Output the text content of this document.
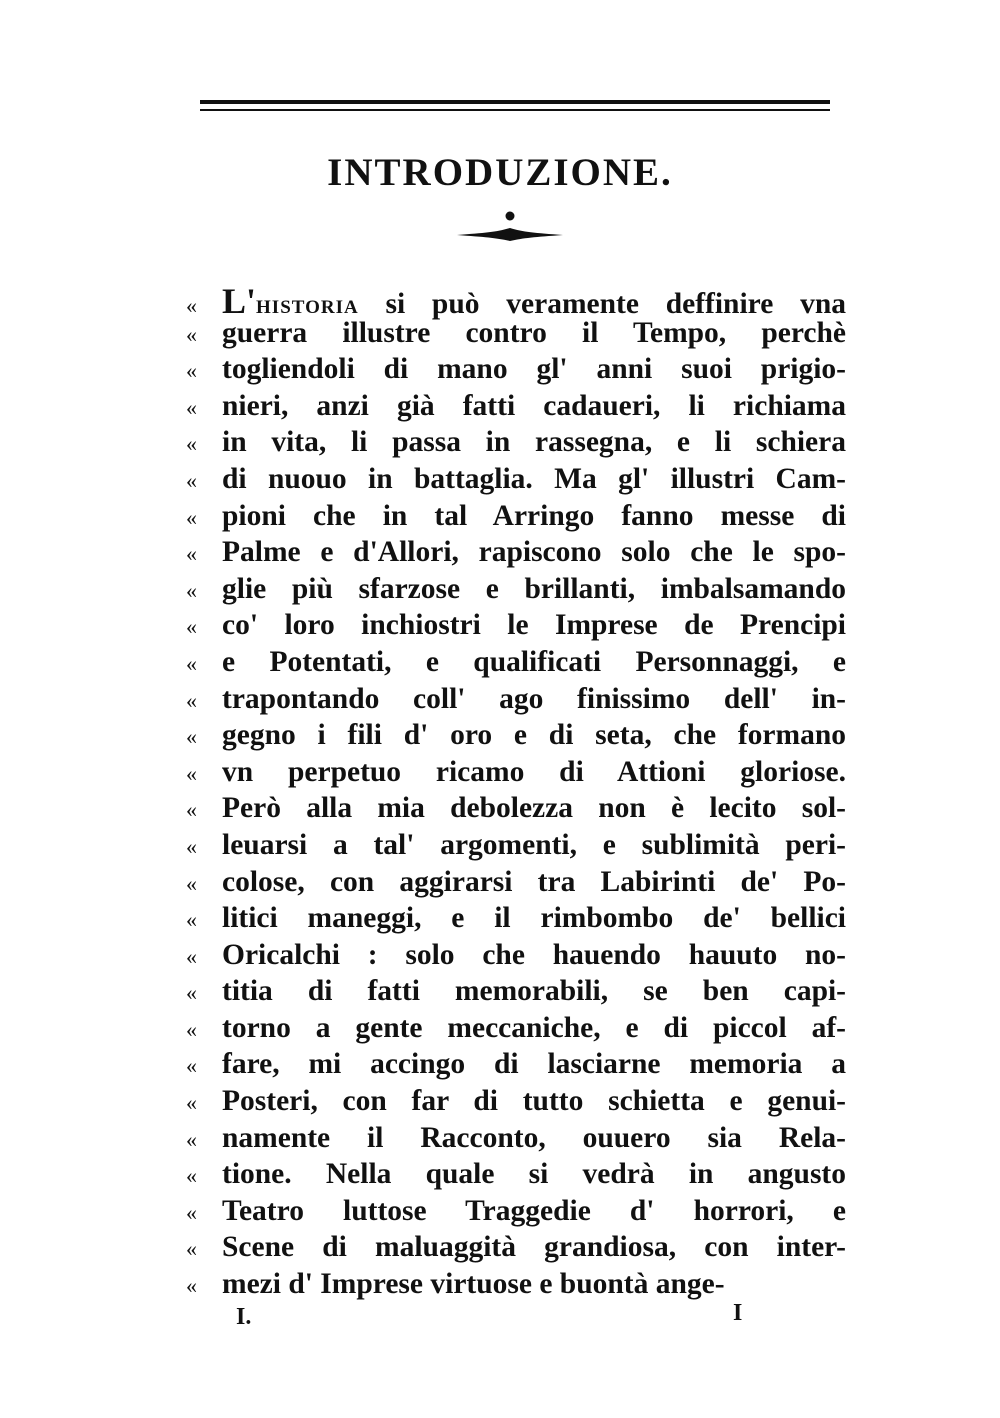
INTRODUZIONE.
« L'HISTORIA si può veramente deffinire vna
« guerra illustre contro il Tempo, perchè
« togliendoli di mano gl' anni suoi prigio-
« nieri, anzi già fatti cadaueri, li richiama
« in vita, li passa in rassegna, e li schiera
« di nuouo in battaglia. Ma gl' illustri Cam-
« pioni che in tal Arringo fanno messe di
« Palme e d'Allori, rapiscono solo che le spo-
« glie più sfarzose e brillanti, imbalsamando
« co' loro inchiostri le Imprese de Prencipi
« e Potentati, e qualificati Personnaggi, e
« trapontando coll' ago finissimo dell' in-
« gegno i fili d' oro e di seta, che formano
« vn perpetuo ricamo di Attioni gloriose.
« Però alla mia debolezza non è lecito sol-
« leuarsi a tal' argomenti, e sublimità peri-
« colose, con aggirarsi tra Labirinti de' Po-
« litici maneggi, e il rimbombo de' bellici
« Oricalchi : solo che hauendo hauuto no-
« titia di fatti memorabili, se ben capi-
« torno a gente meccaniche, e di piccol af-
« fare, mi accingo di lasciarne memoria a
« Posteri, con far di tutto schietta e genui-
« namente il Racconto, ouuero sia Rela-
« tione. Nella quale si vedrà in angusto
« Teatro luttose Traggedie d' horrori, e
« Scene di maluaggità grandiosa, con inter-
« mezi d' Imprese virtuose e buontà ange-
I.	I
